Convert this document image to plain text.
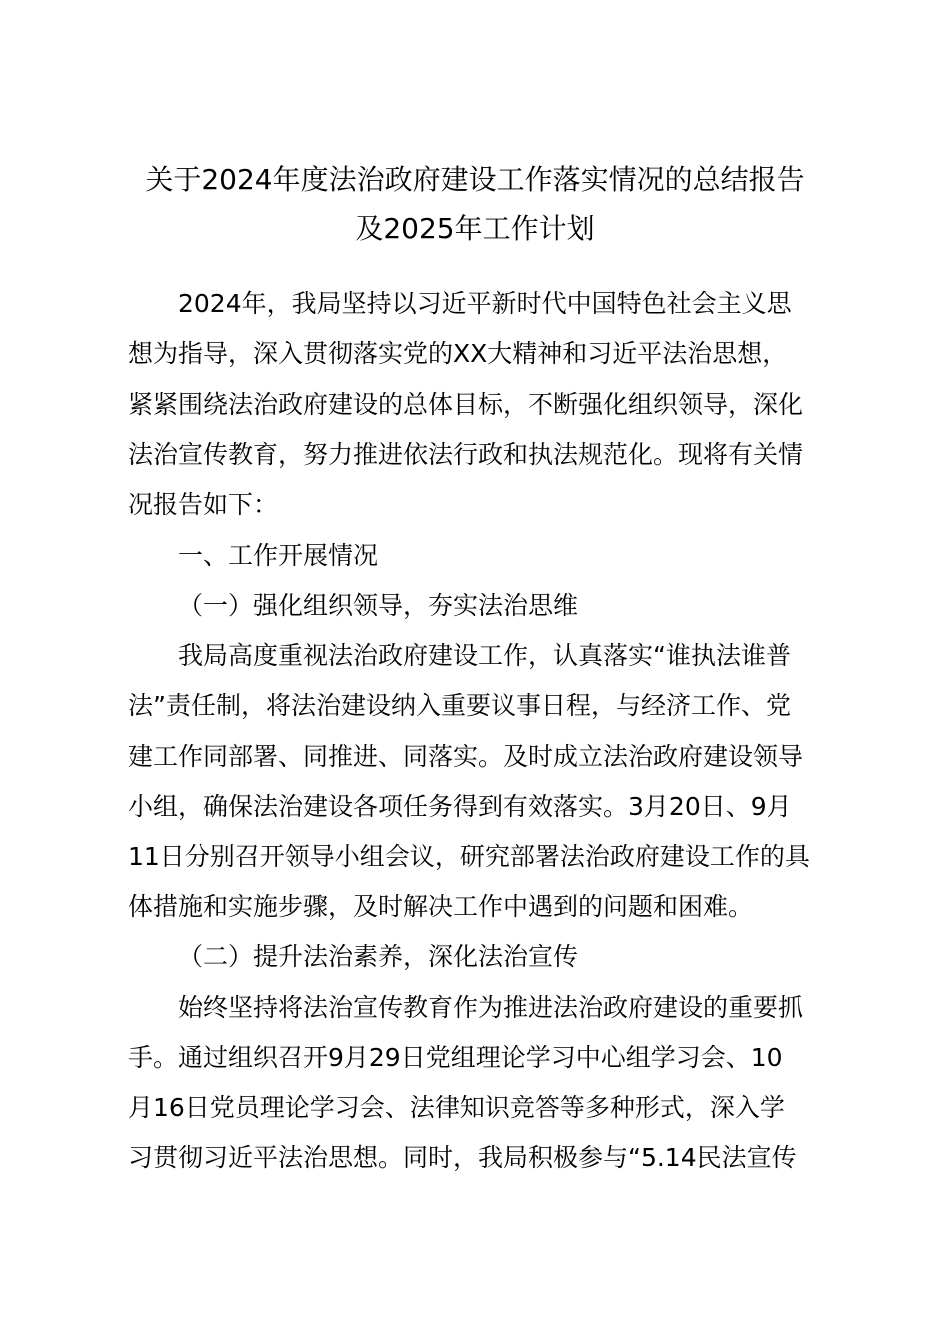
关于2024年度法治政府建设工作落实情况的总结报告
及2025年工作计划
2024年，我局坚持以习近平新时代中国特色社会主义思
想为指导，深入贯彻落实党的XX大精神和习近平法治思想，
紧紧围绕法治政府建设的总体目标，不断强化组织领导，深化
法治宣传教育，努力推进依法行政和执法规范化。现将有关情
况报告如下：
一、工作开展情况
（一）强化组织领导，夯实法治思维
我局高度重视法治政府建设工作，认真落实“谁执法谁普
法”责任制，将法治建设纳入重要议事日程，与经济工作、党
建工作同部署、同推进、同落实。及时成立法治政府建设领导
小组，确保法治建设各项任务得到有效落实。3月20日、9月
11日分别召开领导小组会议，研究部署法治政府建设工作的具
体措施和实施步骤，及时解决工作中遇到的问题和困难。
（二）提升法治素养，深化法治宣传
始终坚持将法治宣传教育作为推进法治政府建设的重要抓
手。通过组织召开9月29日党组理论学习中心组学习会、10
月16日党员理论学习会、法律知识竞答等多种形式，深入学
习贯彻习近平法治思想。同时，我局积极参与“5.14民法宣传
